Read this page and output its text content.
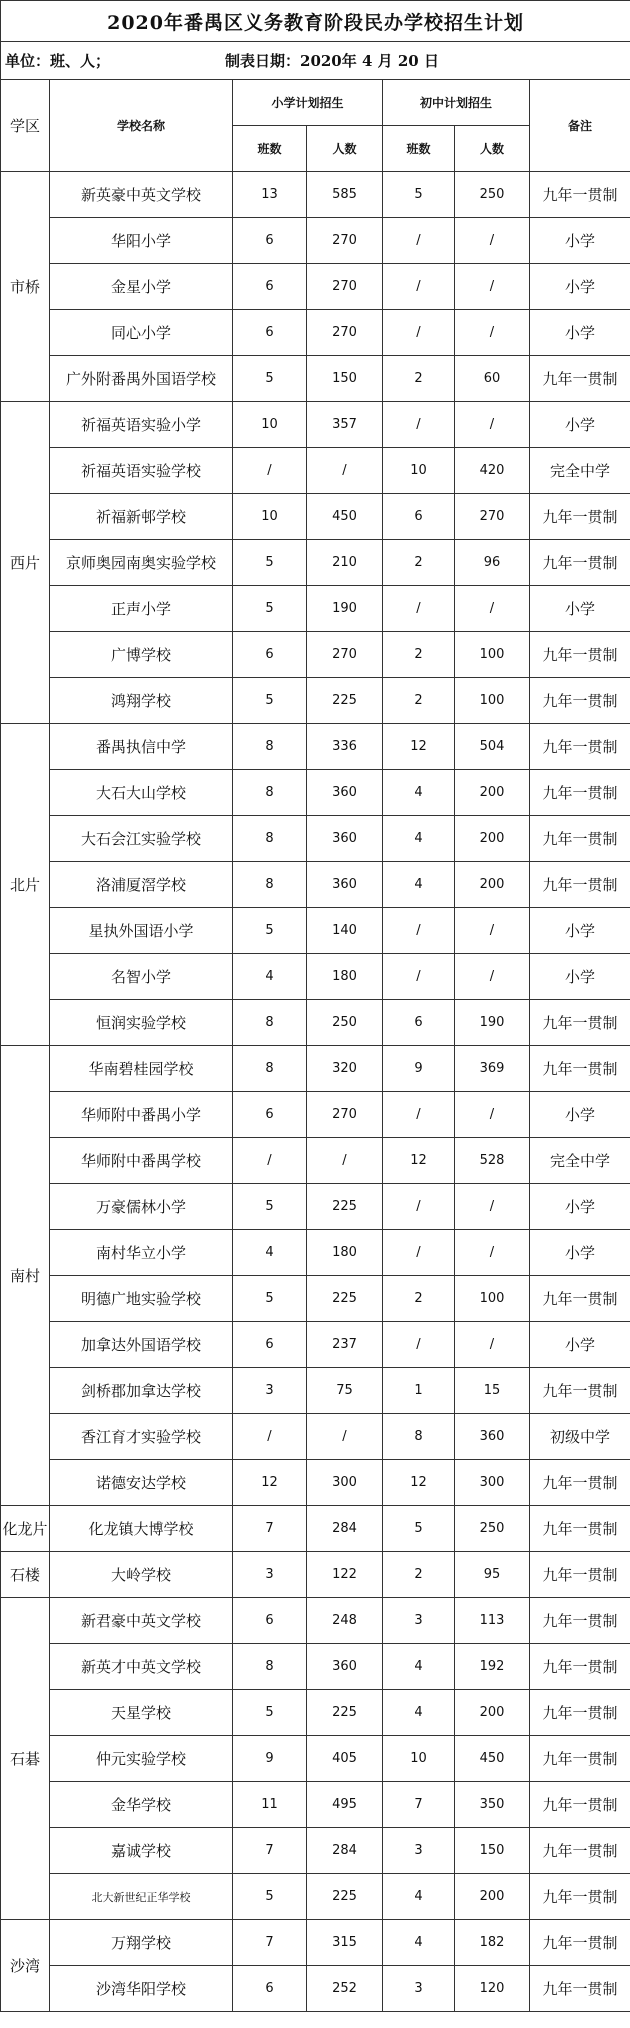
2020年番禺区义务教育阶段民办学校招生计划						
单位：班、人； 制表日期：2020年 4 月 20 日						
学区	学校名称	小学计划招生		初中计划招生		备注
		班数	人数	班数	人数	
市桥	新英豪中英文学校	13	585	5	250	九年一贯制
	华阳小学	6	270	/	/	小学
	金星小学	6	270	/	/	小学
	同心小学	6	270	/	/	小学
	广外附番禺外国语学校	5	150	2	60	九年一贯制
西片	祈福英语实验小学	10	357	/	/	小学
	祈福英语实验学校	/	/	10	420	完全中学
	祈福新邨学校	10	450	6	270	九年一贯制
	京师奥园南奥实验学校	5	210	2	96	九年一贯制
	正声小学	5	190	/	/	小学
	广博学校	6	270	2	100	九年一贯制
	鸿翔学校	5	225	2	100	九年一贯制
北片	番禺执信中学	8	336	12	504	九年一贯制
	大石大山学校	8	360	4	200	九年一贯制
	大石会江实验学校	8	360	4	200	九年一贯制
	洛浦厦滘学校	8	360	4	200	九年一贯制
	星执外国语小学	5	140	/	/	小学
	名智小学	4	180	/	/	小学
	恒润实验学校	8	250	6	190	九年一贯制
南村	华南碧桂园学校	8	320	9	369	九年一贯制
	华师附中番禺小学	6	270	/	/	小学
	华师附中番禺学校	/	/	12	528	完全中学
	万豪儒林小学	5	225	/	/	小学
	南村华立小学	4	180	/	/	小学
	明德广地实验学校	5	225	2	100	九年一贯制
	加拿达外国语学校	6	237	/	/	小学
	剑桥郡加拿达学校	3	75	1	15	九年一贯制
	香江育才实验学校	/	/	8	360	初级中学
	诺德安达学校	12	300	12	300	九年一贯制
化龙片	化龙镇大博学校	7	284	5	250	九年一贯制
石楼	大岭学校	3	122	2	95	九年一贯制
石碁	新君豪中英文学校	6	248	3	113	九年一贯制
	新英才中英文学校	8	360	4	192	九年一贯制
	天星学校	5	225	4	200	九年一贯制
	仲元实验学校	9	405	10	450	九年一贯制
	金华学校	11	495	7	350	九年一贯制
	嘉诚学校	7	284	3	150	九年一贯制
	北大新世纪正华学校	5	225	4	200	九年一贯制
沙湾	万翔学校	7	315	4	182	九年一贯制
	沙湾华阳学校	6	252	3	120	九年一贯制
